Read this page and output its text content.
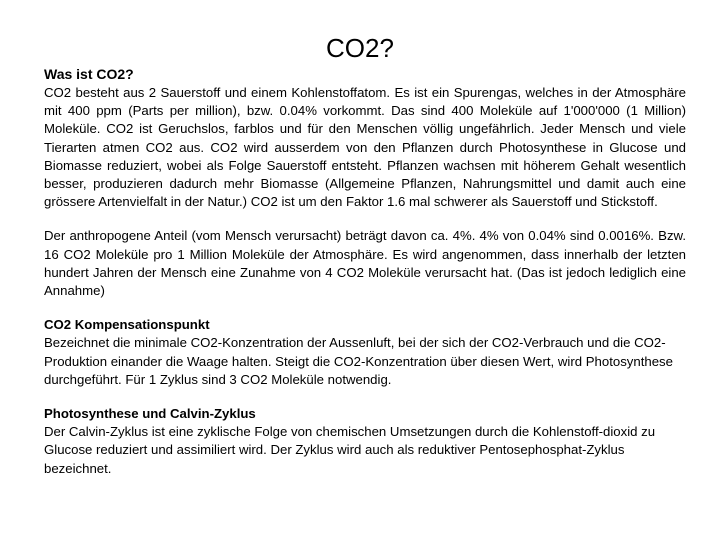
CO2?
Was ist CO2?

CO2 besteht aus 2 Sauerstoff und einem Kohlenstoffatom. Es ist ein Spurengas, welches in der Atmosphäre mit 400 ppm (Parts per million), bzw. 0.04% vorkommt. Das sind 400 Moleküle auf 1'000'000 (1 Million) Moleküle. CO2 ist Geruchslos, farblos und für den Menschen völlig ungefährlich. Jeder Mensch und viele Tierarten atmen CO2 aus. CO2 wird ausserdem von den Pflanzen durch Photosynthese in Glucose und Biomasse reduziert, wobei als Folge Sauerstoff entsteht. Pflanzen wachsen mit höherem Gehalt wesentlich besser, produzieren dadurch mehr Biomasse (Allgemeine Pflanzen, Nahrungsmittel und damit auch eine grössere Artenvielfalt in der Natur.) CO2 ist um den Faktor 1.6 mal schwerer als Sauerstoff und Stickstoff.

Der anthropogene Anteil (vom Mensch verursacht) beträgt davon ca. 4%. 4% von 0.04% sind 0.0016%. Bzw. 16 CO2 Moleküle pro 1 Million Moleküle der Atmosphäre. Es wird angenommen, dass innerhalb der letzten hundert Jahren der Mensch eine Zunahme von 4 CO2 Moleküle verursacht hat. (Das ist jedoch lediglich eine Annahme)

CO2 Kompensationspunkt

Bezeichnet die minimale CO2-Konzentration der Aussenluft, bei der sich der CO2-Verbrauch und die CO2-Produktion einander die Waage halten. Steigt die CO2-Konzentration über diesen Wert, wird Photosynthese durchgeführt. Für 1 Zyklus sind 3 CO2 Moleküle notwendig.

Photosynthese und Calvin-Zyklus

Der Calvin-Zyklus ist eine zyklische Folge von chemischen Umsetzungen durch die Kohlenstoff-dioxid zu Glucose reduziert und assimiliert wird. Der Zyklus wird auch als reduktiver Pentosephosphat-Zyklus bezeichnet.
